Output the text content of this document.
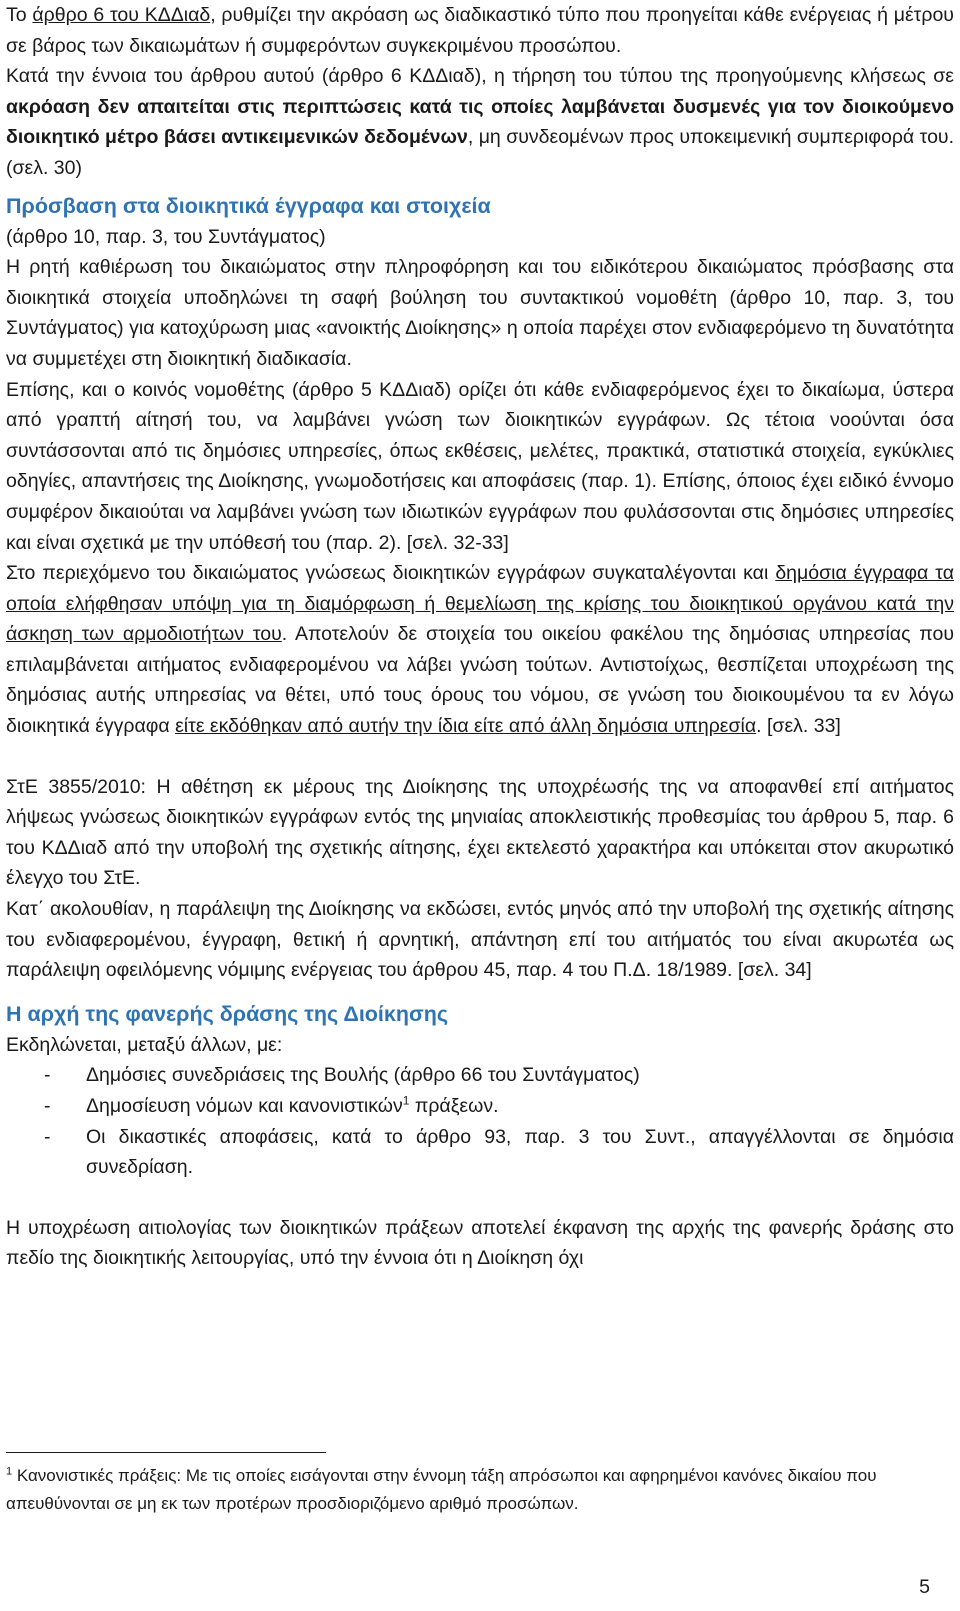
Το άρθρο 6 του ΚΔΔιαδ, ρυθμίζει την ακρόαση ως διαδικαστικό τύπο που προηγείται κάθε ενέργειας ή μέτρου σε βάρος των δικαιωμάτων ή συμφερόντων συγκεκριμένου προσώπου.

Κατά την έννοια του άρθρου αυτού (άρθρο 6 ΚΔΔιαδ), η τήρηση του τύπου της προηγούμενης κλήσεως σε ακρόαση δεν απαιτείται στις περιπτώσεις κατά τις οποίες λαμβάνεται δυσμενές για τον διοικούμενο διοικητικό μέτρο βάσει αντικειμενικών δεδομένων, μη συνδεομένων προς υποκειμενική συμπεριφορά του. (σελ. 30)

Πρόσβαση στα διοικητικά έγγραφα και στοιχεία

(άρθρο 10, παρ. 3, του Συντάγματος)

Η ρητή καθιέρωση του δικαιώματος στην πληροφόρηση και του ειδικότερου δικαιώματος πρόσβασης στα διοικητικά στοιχεία υποδηλώνει τη σαφή βούληση του συντακτικού νομοθέτη (άρθρο 10, παρ. 3, του Συντάγματος) για κατοχύρωση μιας «ανοικτής Διοίκησης» η οποία παρέχει στον ενδιαφερόμενο τη δυνατότητα να συμμετέχει στη διοικητική διαδικασία.

Επίσης, και ο κοινός νομοθέτης (άρθρο 5 ΚΔΔιαδ) ορίζει ότι κάθε ενδιαφερόμενος έχει το δικαίωμα, ύστερα από γραπτή αίτησή του, να λαμβάνει γνώση των διοικητικών εγγράφων. Ως τέτοια νοούνται όσα συντάσσονται από τις δημόσιες υπηρεσίες, όπως εκθέσεις, μελέτες, πρακτικά, στατιστικά στοιχεία, εγκύκλιες οδηγίες, απαντήσεις της Διοίκησης, γνωμοδοτήσεις και αποφάσεις (παρ. 1). Επίσης, όποιος έχει ειδικό έννομο συμφέρον δικαιούται να λαμβάνει γνώση των ιδιωτικών εγγράφων που φυλάσσονται στις δημόσιες υπηρεσίες και είναι σχετικά με την υπόθεσή του (παρ. 2). [σελ. 32-33]

Στο περιεχόμενο του δικαιώματος γνώσεως διοικητικών εγγράφων συγκαταλέγονται και δημόσια έγγραφα τα οποία ελήφθησαν υπόψη για τη διαμόρφωση ή θεμελίωση της κρίσης του διοικητικού οργάνου κατά την άσκηση των αρμοδιοτήτων του. Αποτελούν δε στοιχεία του οικείου φακέλου της δημόσιας υπηρεσίας που επιλαμβάνεται αιτήματος ενδιαφερομένου να λάβει γνώση τούτων. Αντιστοίχως, θεσπίζεται υποχρέωση της δημόσιας αυτής υπηρεσίας να θέτει, υπό τους όρους του νόμου, σε γνώση του διοικουμένου τα εν λόγω διοικητικά έγγραφα είτε εκδόθηκαν από αυτήν την ίδια είτε από άλλη δημόσια υπηρεσία. [σελ. 33]

ΣτΕ 3855/2010: Η αθέτηση εκ μέρους της Διοίκησης της υποχρέωσής της να αποφανθεί επί αιτήματος λήψεως γνώσεως διοικητικών εγγράφων εντός της μηνιαίας αποκλειστικής προθεσμίας του άρθρου 5, παρ. 6 του ΚΔΔιαδ από την υποβολή της σχετικής αίτησης, έχει εκτελεστό χαρακτήρα και υπόκειται στον ακυρωτικό έλεγχο του ΣτΕ.

Κατ΄ ακολουθίαν, η παράλειψη της Διοίκησης να εκδώσει, εντός μηνός από την υποβολή της σχετικής αίτησης του ενδιαφερομένου, έγγραφη, θετική ή αρνητική, απάντηση επί του αιτήματός του είναι ακυρωτέα ως παράλειψη οφειλόμενης νόμιμης ενέργειας του άρθρου 45, παρ. 4 του Π.Δ. 18/1989. [σελ. 34]

Η αρχή της φανερής δράσης της Διοίκησης

Εκδηλώνεται, μεταξύ άλλων, με:

- Δημόσιες συνεδριάσεις της Βουλής (άρθρο 66 του Συντάγματος)
- Δημοσίευση νόμων και κανονιστικών$^1$ πράξεων.
- Οι δικαστικές αποφάσεις, κατά το άρθρο 93, παρ. 3 του Συντ., απαγγέλλονται σε δημόσια συνεδρίαση.

Η υποχρέωση αιτιολογίας των διοικητικών πράξεων αποτελεί έκφανση της αρχής της φανερής δράσης στο πεδίο της διοικητικής λειτουργίας, υπό την έννοια ότι η Διοίκηση όχι

$^1$ Κανονιστικές πράξεις: Με τις οποίες εισάγονται στην έννομη τάξη απρόσωποι και αφηρημένοι κανόνες δικαίου που απευθύνονται σε μη εκ των προτέρων προσδιοριζόμενο αριθμό προσώπων.
5
